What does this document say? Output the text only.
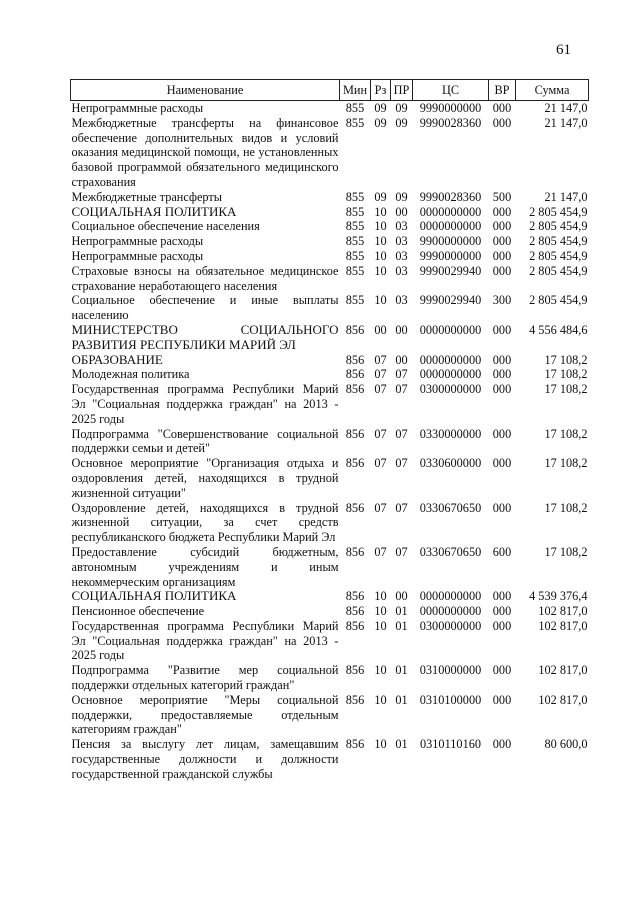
61
Наименование	Мин	Рз	ПР	ЦС	ВР	Сумма
Непрограммные расходы	855	09	09	9990000000	000	21 147,0
Межбюджетные трансферты на финансовое обеспечение дополнительных видов и условий оказания медицинской помощи, не установленных базовой программой обязательного медицинского страхования	855	09	09	9990028360	000	21 147,0
Межбюджетные трансферты	855	09	09	9990028360	500	21 147,0
СОЦИАЛЬНАЯ ПОЛИТИКА	855	10	00	0000000000	000	2 805 454,9
Социальное обеспечение населения	855	10	03	0000000000	000	2 805 454,9
Непрограммные расходы	855	10	03	9900000000	000	2 805 454,9
Непрограммные расходы	855	10	03	9990000000	000	2 805 454,9
Страховые взносы на обязательное медицинское страхование неработающего населения	855	10	03	9990029940	000	2 805 454,9
Социальное обеспечение и иные выплаты населению	855	10	03	9990029940	300	2 805 454,9
МИНИСТЕРСТВО СОЦИАЛЬНОГО РАЗВИТИЯ РЕСПУБЛИКИ МАРИЙ ЭЛ	856	00	00	0000000000	000	4 556 484,6
ОБРАЗОВАНИЕ	856	07	00	0000000000	000	17 108,2
Молодежная политика	856	07	07	0000000000	000	17 108,2
Государственная программа Республики Марий Эл "Социальная поддержка граждан" на 2013 - 2025 годы	856	07	07	0300000000	000	17 108,2
Подпрограмма "Совершенствование социальной поддержки семьи и детей"	856	07	07	0330000000	000	17 108,2
Основное мероприятие "Организация отдыха и оздоровления детей, находящихся в трудной жизненной ситуации"	856	07	07	0330600000	000	17 108,2
Оздоровление детей, находящихся в трудной жизненной ситуации, за счет средств республиканского бюджета Республики Марий Эл	856	07	07	0330670650	000	17 108,2
Предоставление субсидий бюджетным, автономным учреждениям и иным некоммерческим организациям	856	07	07	0330670650	600	17 108,2
СОЦИАЛЬНАЯ ПОЛИТИКА	856	10	00	0000000000	000	4 539 376,4
Пенсионное обеспечение	856	10	01	0000000000	000	102 817,0
Государственная программа Республики Марий Эл "Социальная поддержка граждан" на 2013 - 2025 годы	856	10	01	0300000000	000	102 817,0
Подпрограмма "Развитие мер социальной поддержки отдельных категорий граждан"	856	10	01	0310000000	000	102 817,0
Основное мероприятие "Меры социальной поддержки, предоставляемые отдельным категориям граждан"	856	10	01	0310100000	000	102 817,0
Пенсия за выслугу лет лицам, замещавшим государственные должности и должности государственной гражданской службы	856	10	01	0310110160	000	80 600,0
